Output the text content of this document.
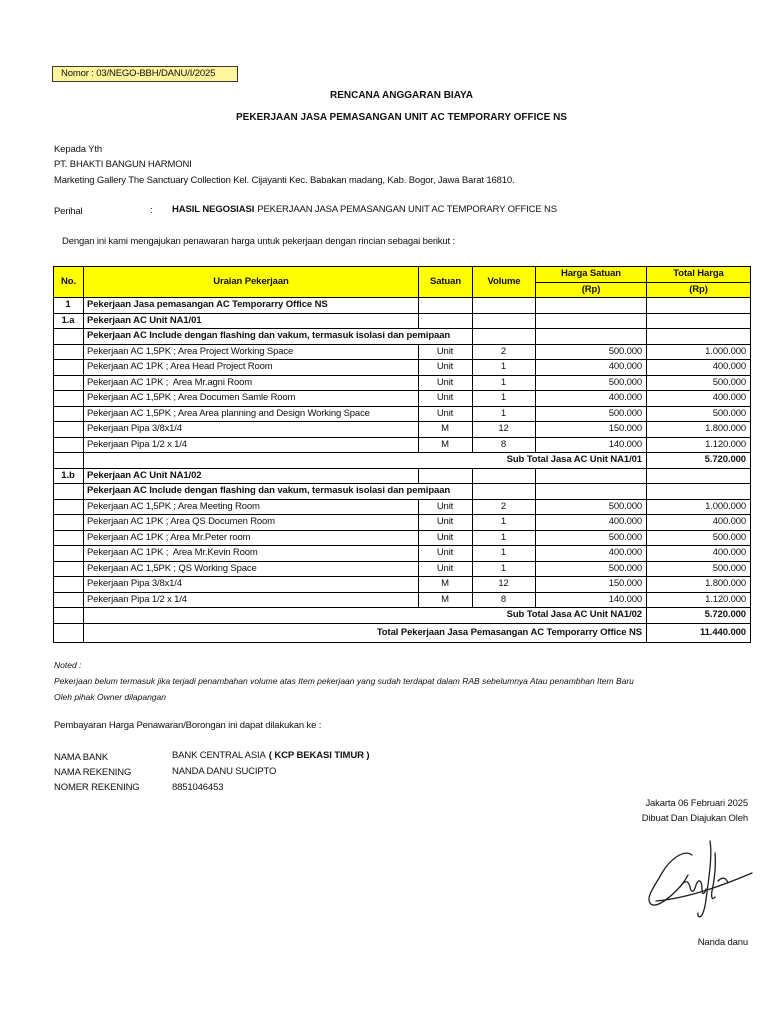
Nomor : 03/NEGO-BBH/DANU/I/2025
RENCANA ANGGARAN BIAYA
PEKERJAAN JASA PEMASANGAN UNIT AC TEMPORARY OFFICE NS
Kepada Yth
PT. BHAKTI BANGUN HARMONI
Marketing Gallery The Sanctuary Collection Kel. Cijayanti Kec. Babakan madang, Kab. Bogor, Jawa Barat 16810.
Perihal	: HASIL NEGOSIASI PEKERJAAN JASA PEMASANGAN UNIT AC TEMPORARY OFFICE NS
Dengan ini kami mengajukan penawaran harga untuk pekerjaan dengan rincian sebagai berikut :
No.	Uraian Pekerjaan	Satuan	Volume	Harga Satuan	Total Harga
				(Rp)	(Rp)
1	Pekerjaan Jasa pemasangan AC Temporarry Office NS				
1.a	Pekerjaan AC Unit NA1/01				
	Pekerjaan AC Include dengan flashing dan vakum, termasuk isolasi dan pemipaan				
	Pekerjaan AC 1,5PK ; Area Project Working Space	Unit	2	500.000	1.000.000
	Pekerjaan AC 1PK ; Area Head Project Room	Unit	1	400.000	400.000
	Pekerjaan AC 1PK ;  Area Mr.agni Room	Unit	1	500.000	500.000
	Pekerjaan AC 1,5PK ; Area Documen Samle Room	Unit	1	400.000	400.000
	Pekerjaan AC 1,5PK ; Area Area planning and Design Working Space	Unit	1	500.000	500.000
	Pekerjaan Pipa 3/8x1/4	M	12	150.000	1.800.000
	Pekerjaan Pipa 1/2 x 1/4	M	8	140.000	1.120.000
	Sub Total Jasa AC Unit NA1/01				5.720.000
1.b	Pekerjaan AC Unit NA1/02				
	Pekerjaan AC Include dengan flashing dan vakum, termasuk isolasi dan pemipaan				
	Pekerjaan AC 1,5PK ; Area Meeting Room	Unit	2	500.000	1.000.000
	Pekerjaan AC 1PK ; Area QS Documen Room	Unit	1	400.000	400.000
	Pekerjaan AC 1PK ; Area Mr.Peter room	Unit	1	500.000	500.000
	Pekerjaan AC 1PK ;  Area Mr.Kevin Room	Unit	1	400.000	400.000
	Pekerjaan AC 1,5PK ; QS Working Space	Unit	1	500.000	500.000
	Pekerjaan Pipa 3/8x1/4	M	12	150.000	1.800.000
	Pekerjaan Pipa 1/2 x 1/4	M	8	140.000	1.120.000
	Sub Total Jasa AC Unit NA1/02				5.720.000
	Total Pekerjaan Jasa Pemasangan AC Temporarry Office NS				11.440.000
Noted :
Pekerjaan belum termasuk jika terjadi penambahan volume atas Item pekerjaan yang sudah terdapat dalam RAB sebelumnya Atau penambhan Item Baru
Oleh pihak Owner dilapangan
Pembayaran Harga Penawaran/Borongan ini dapat dilakukan ke :
NAMA BANK	BANK CENTRAL ASIA ( KCP BEKASI TIMUR )
NAMA REKENING	NANDA DANU SUCIPTO
NOMER REKENING	8851046453
Jakarta 06 Februari 2025
Dibuat Dan Diajukan Oleh
Nanda danu
